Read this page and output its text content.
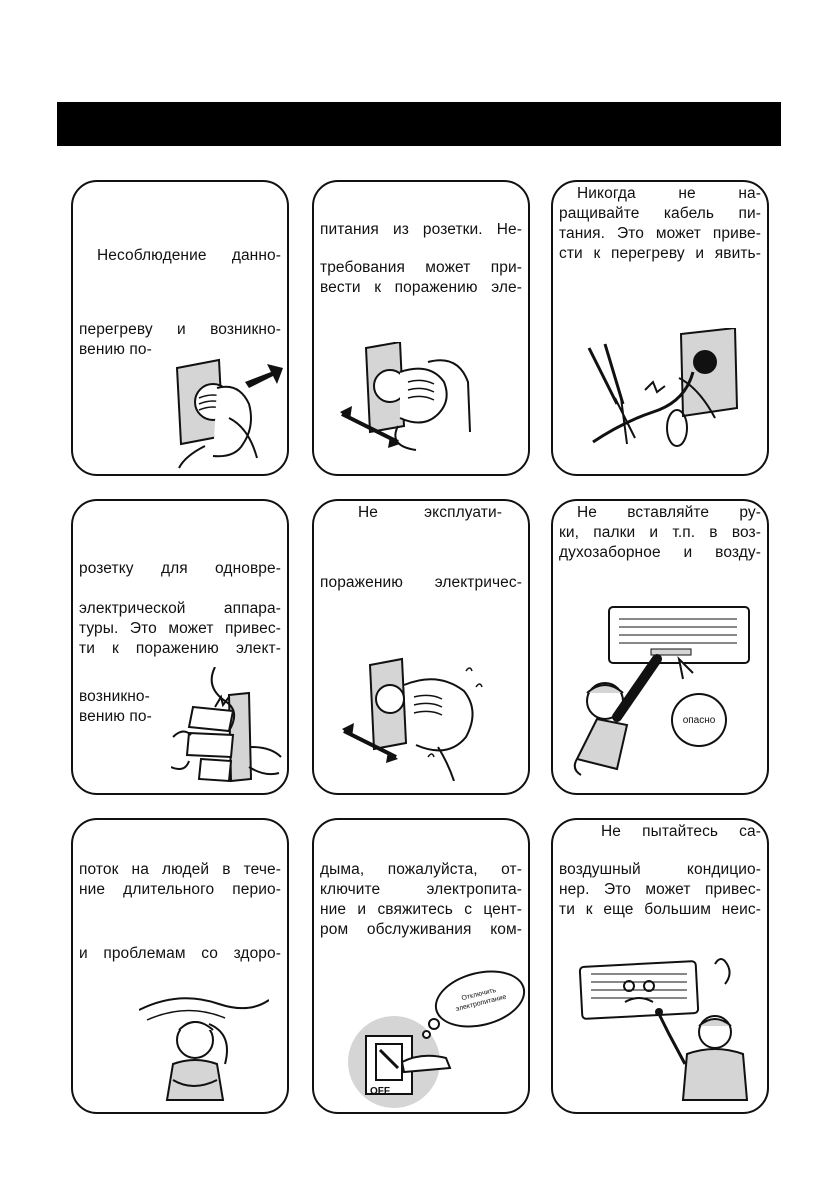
Несоблюдение данно-
перегреву и возникно-
вению по-
питания из розетки. Не-
требования может при-
вести к поражению эле-
Никогда не на-
ращивайте кабель пи-
тания. Это может приве-
сти к перегреву и явить-
розетку для одновре-
электрической аппара-
туры. Это может привес-
ти к поражению элект-
возникно-
вению по-
Не эксплуати-
поражению электричес-
Не вставляйте ру-
ки, палки и т.п. в воз-
духозаборное и возду-
опасно
поток на людей в тече-
ние длительного перио-
и проблемам со здоро-
дыма, пожалуйста, от-
ключите электропита-
ние и свяжитесь с цент-
ром обслуживания ком-
OFF
Отключить электропитание
Не пытайтесь са-
воздушный кондицио-
нер. Это может привес-
ти к еще большим неис-
